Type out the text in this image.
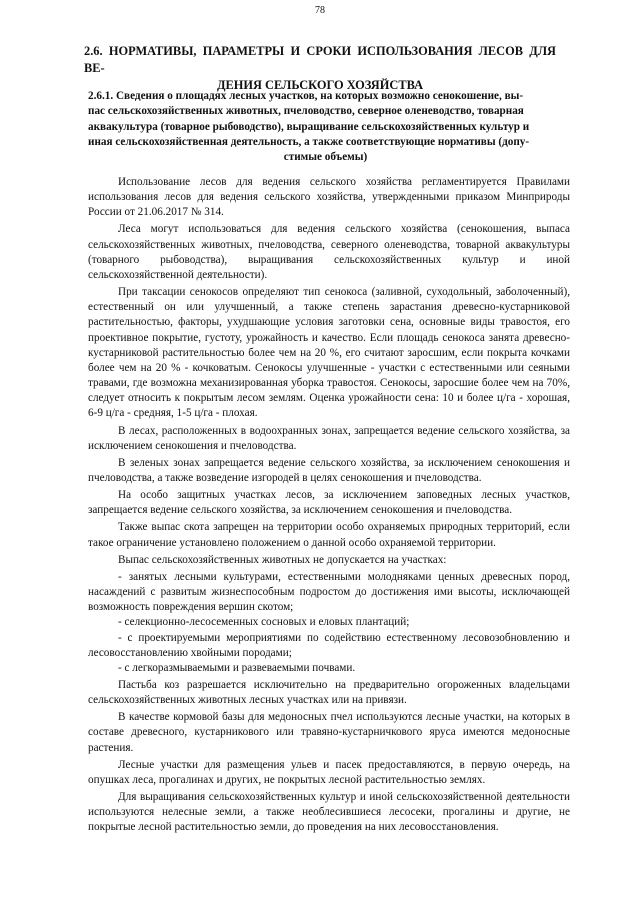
78
2.6. НОРМАТИВЫ, ПАРАМЕТРЫ И СРОКИ ИСПОЛЬЗОВАНИЯ ЛЕСОВ ДЛЯ ВЕ-
ДЕНИЯ СЕЛЬСКОГО ХОЗЯЙСТВА
2.6.1. Сведения о площадях лесных участков, на которых возможно сенокошение, вы-
пас сельскохозяйственных животных, пчеловодство, северное оленеводство, товарная
аквакультура (товарное рыбоводство), выращивание сельскохозяйственных культур и
иная сельскохозяйственная деятельность, а также соответствующие нормативы (допу-
стимые объемы)

Использование лесов для ведения сельского хозяйства регламентируется Правилами использования лесов для ведения сельского хозяйства, утвержденными приказом Минприроды России от 21.06.2017 № 314.

Леса могут использоваться для ведения сельского хозяйства (сенокошения, выпаса сельскохозяйственных животных, пчеловодства, северного оленеводства, товарной аквакультуры (товарного рыбоводства), выращивания сельскохозяйственных культур и иной сельскохозяйственной деятельности).

При таксации сенокосов определяют тип сенокоса (заливной, суходольный, заболоченный), естественный он или улучшенный, а также степень зарастания древесно-кустарниковой растительностью, факторы, ухудшающие условия заготовки сена, основные виды травостоя, его проективное покрытие, густоту, урожайность и качество. Если площадь сенокоса занята древесно-кустарниковой растительностью более чем на 20 %, его считают заросшим, если покрыта кочками более чем на 20 % - кочковатым. Сенокосы улучшенные - участки с естественными или сеяными травами, где возможна механизированная уборка травостоя. Сенокосы, заросшие более чем на 70%, следует относить к покрытым лесом землям. Оценка урожайности сена: 10 и более ц/га - хорошая, 6-9 ц/га - средняя, 1-5 ц/га - плохая.

В лесах, расположенных в водоохранных зонах, запрещается ведение сельского хозяйства, за исключением сенокошения и пчеловодства.

В зеленых зонах запрещается ведение сельского хозяйства, за исключением сенокошения и пчеловодства, а также возведение изгородей в целях сенокошения и пчеловодства.

На особо защитных участках лесов, за исключением заповедных лесных участков, запрещается ведение сельского хозяйства, за исключением сенокошения и пчеловодства.

Также выпас скота запрещен на территории особо охраняемых природных территорий, если такое ограничение установлено положением о данной особо охраняемой территории.

Выпас сельскохозяйственных животных не допускается на участках:

- занятых лесными культурами, естественными молодняками ценных древесных пород, насаждений с развитым жизнеспособным подростом до достижения ими высоты, исключающей возможность повреждения вершин скотом;

- селекционно-лесосеменных сосновых и еловых плантаций;

- с проектируемыми мероприятиями по содействию естественному лесовозобновлению и лесовосстановлению хвойными породами;

- с легкоразмываемыми и развеваемыми почвами.

Пастьба коз разрешается исключительно на предварительно огороженных владельцами сельскохозяйственных животных лесных участках или на привязи.

В качестве кормовой базы для медоносных пчел используются лесные участки, на которых в составе древесного, кустарникового или травяно-кустарничкового яруса имеются медоносные растения.

Лесные участки для размещения ульев и пасек предоставляются, в первую очередь, на опушках леса, прогалинах и других, не покрытых лесной растительностью землях.

Для выращивания сельскохозяйственных культур и иной сельскохозяйственной деятельности используются нелесные земли, а также необлесившиеся лесосеки, прогалины и другие, не покрытые лесной растительностью земли, до проведения на них лесовосстановления.
